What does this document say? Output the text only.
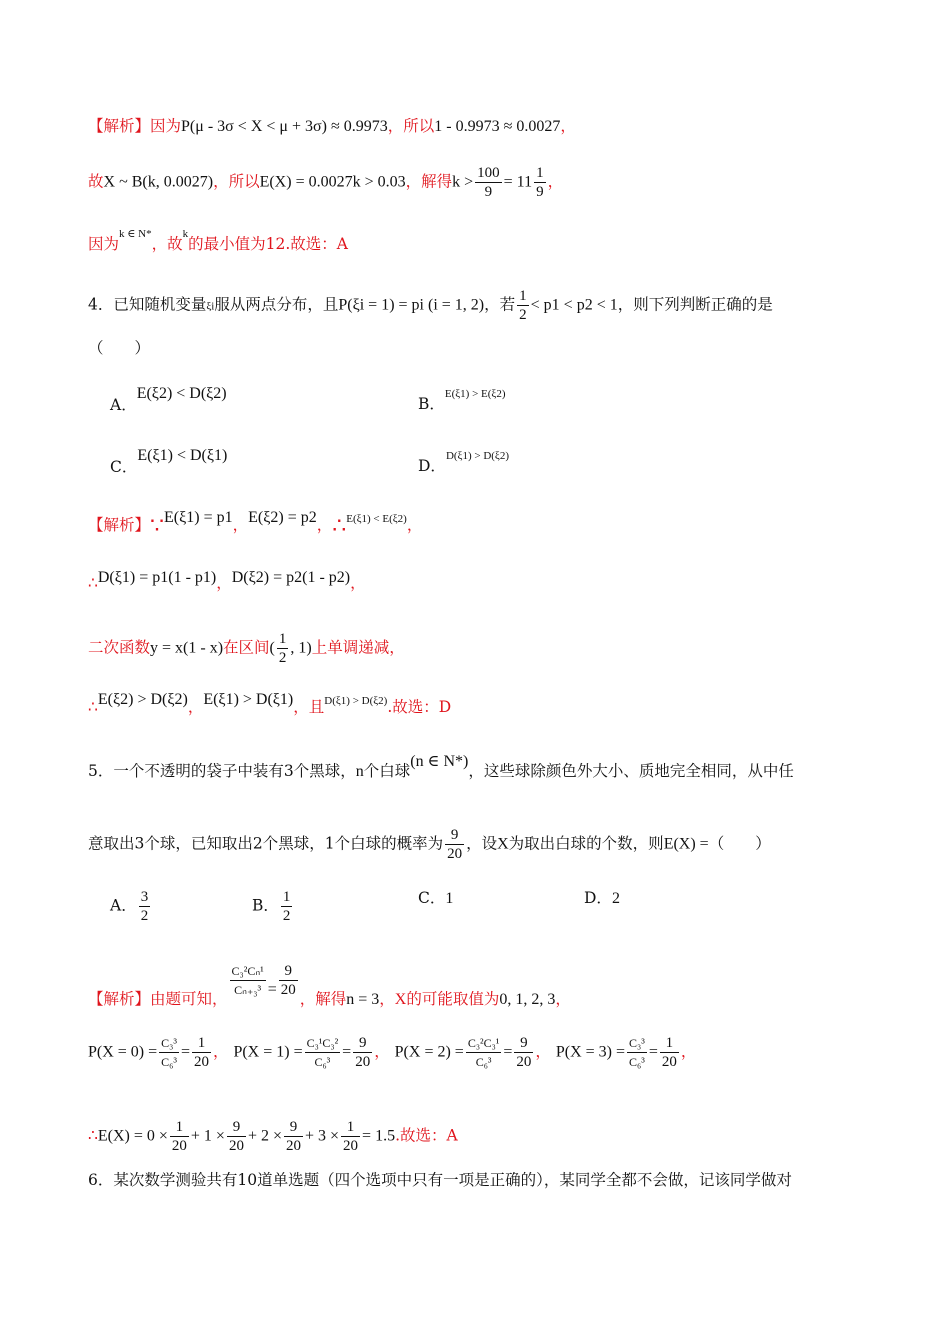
【解析】因为P(μ - 3σ < X < μ + 3σ) ≈ 0.9973，所以1 - 0.9973 ≈ 0.0027，
故X ~ B(k, 0.0027)，所以E(X) = 0.0027k > 0.03，解得$k > \frac{100}{9} = 11 \frac{1}{9}$ ，
因为$^{k \in N*}$，故$^k$的最小值为12.故选：A
4．已知随机变量ξi服从两点分布，且P(ξi = 1) = pi (i = 1, 2)，若 $\frac{1}{2} < p1 < p2 < 1$，则下列判断正确的是
（　　）
A．E(ξ2) < D(ξ2)
B．$^{E(\xi 1) > E(\xi 2)}$
C．E(ξ1) < D(ξ1)
D．$^{D(\xi 1) > D(\xi 2)}$
【解析】∵E(ξ1) = p1，E(ξ2) = p2，∴$^{E(\xi 1) < E(\xi 2)}$，
∴D(ξ1) = p1(1 - p1)，D(ξ2) = p2(1 - p2)，
二次函数y = x(1 - x)在区间( $\frac{1}{2}$ , 1)上单调递减，
∴E(ξ2) > D(ξ2)，E(ξ1) > D(ξ1)，且$^{D(\xi 1) > D(\xi 2)}$.故选：D
5．一个不透明的袋子中装有3个黑球，n个白球(n ∈ N*)，这些球除颜色外大小、质地完全相同，从中任
意取出3个球，已知取出2个黑球，1个白球的概率为 $\frac{9}{20}$ ，设X为取出白球的个数，则E(X) =（　　）
A． $\frac{3}{2}$	B． $\frac{1}{2}$	C．1	D．2
【解析】由题可知， $\frac{\text{C₃²Cₙ¹}}{\text{Cₙ₊₃³}} = \frac{9}{20}$ ，解得n = 3，X的可能取值为0, 1, 2, 3，
$P(X = 0) = \frac{\text{C₃³}}{\text{C₆³}} = \frac{1}{20}$ ， $P(X = 1) = \frac{\text{C₃¹C₃²}}{\text{C₆³}} = \frac{9}{20}$ ， $P(X = 2) = \frac{\text{C₃²C₃¹}}{\text{C₆³}} = \frac{9}{20}$ ， $P(X = 3) = \frac{\text{C₃³}}{\text{C₆³}} = \frac{1}{20}$ ，
∴E(X) = $0 \times \frac{1}{20} + 1 \times \frac{9}{20} + 2 \times \frac{9}{20} + 3 \times \frac{1}{20} = 1.5$.故选：A
6．某次数学测验共有10道单选题（四个选项中只有一项是正确的），某同学全都不会做，记该同学做对
